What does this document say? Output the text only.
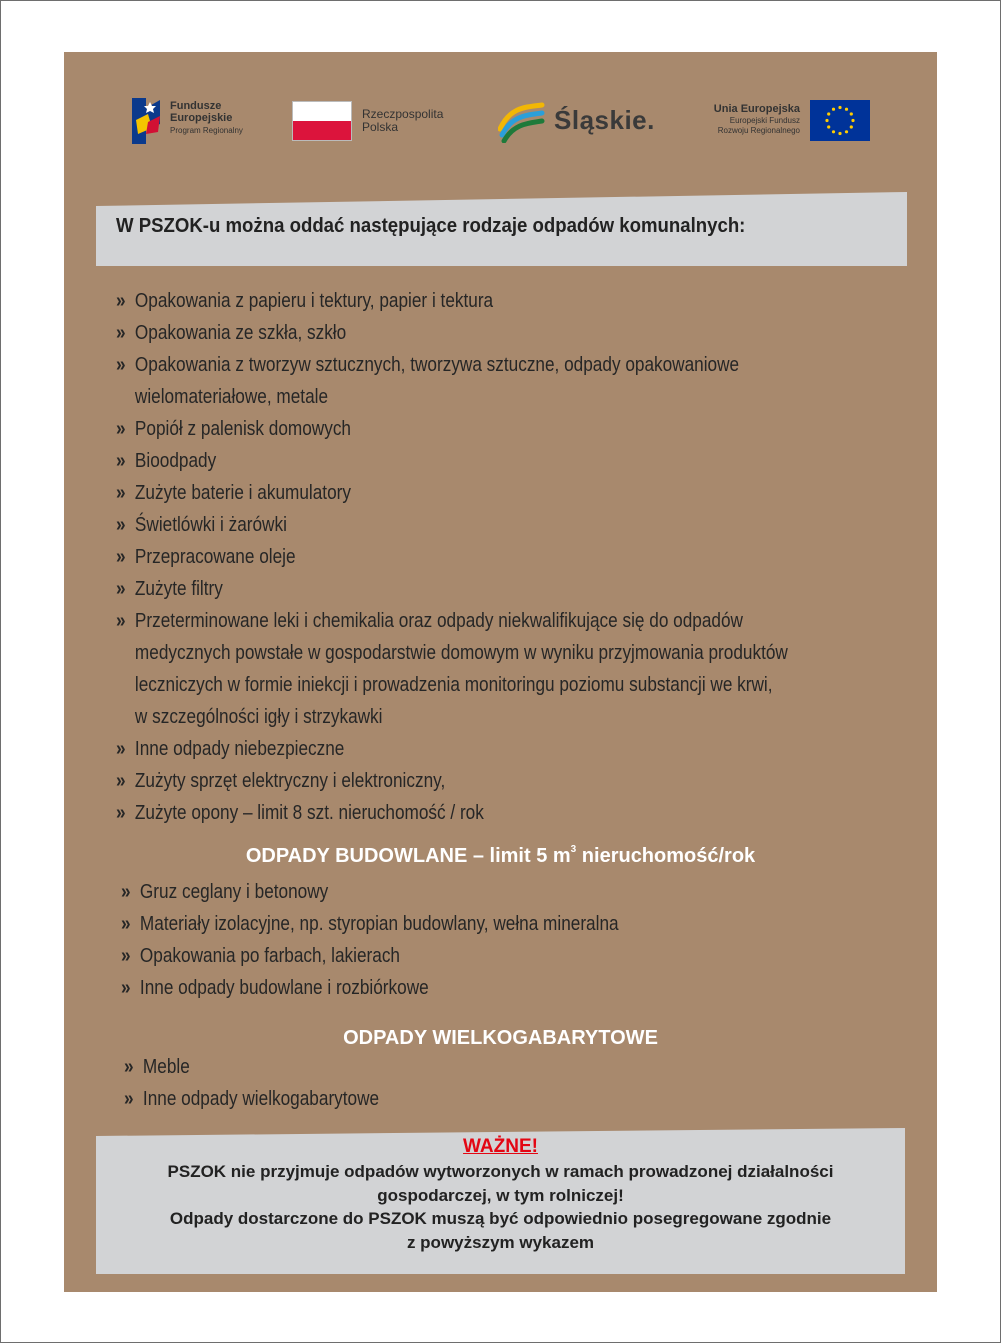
Fundusze
Europejskie
Program Regionalny
Rzeczpospolita
Polska	Śląskie.	Unia Europejska
Europejski Fundusz
Rozwoju Regionalnego
W PSZOK-u można oddać następujące rodzaje odpadów komunalnych:
» Opakowania z papieru i tektury, papier i tektura
» Opakowania ze szkła, szkło
» Opakowania z tworzyw sztucznych, tworzywa sztuczne, odpady opakowaniowe
wielomateriałowe, metale
» Popiół z palenisk domowych
» Bioodpady
» Zużyte baterie i akumulatory
» Świetlówki i żarówki
» Przepracowane oleje
» Zużyte filtry
» Przeterminowane leki i chemikalia oraz odpady niekwalifikujące się do odpadów
medycznych powstałe w gospodarstwie domowym w wyniku przyjmowania produktów
leczniczych w formie iniekcji i prowadzenia monitoringu poziomu substancji we krwi,
w szczególności igły i strzykawki
» Inne odpady niebezpieczne
» Zużyty sprzęt elektryczny i elektroniczny,
» Zużyte opony – limit 8 szt. nieruchomość / rok
ODPADY BUDOWLANE – limit 5 $m^3$ nieruchomość/rok
» Gruz ceglany i betonowy
» Materiały izolacyjne, np. styropian budowlany, wełna mineralna
» Opakowania po farbach, lakierach
» Inne odpady budowlane i rozbiórkowe
ODPADY WIELKOGABARYTOWE
» Meble
» Inne odpady wielkogabarytowe
WAŻNE!
PSZOK nie przyjmuje odpadów wytworzonych w ramach prowadzonej działalności
gospodarczej, w tym rolniczej!
Odpady dostarczone do PSZOK muszą być odpowiednio posegregowane zgodnie
z powyższym wykazem
